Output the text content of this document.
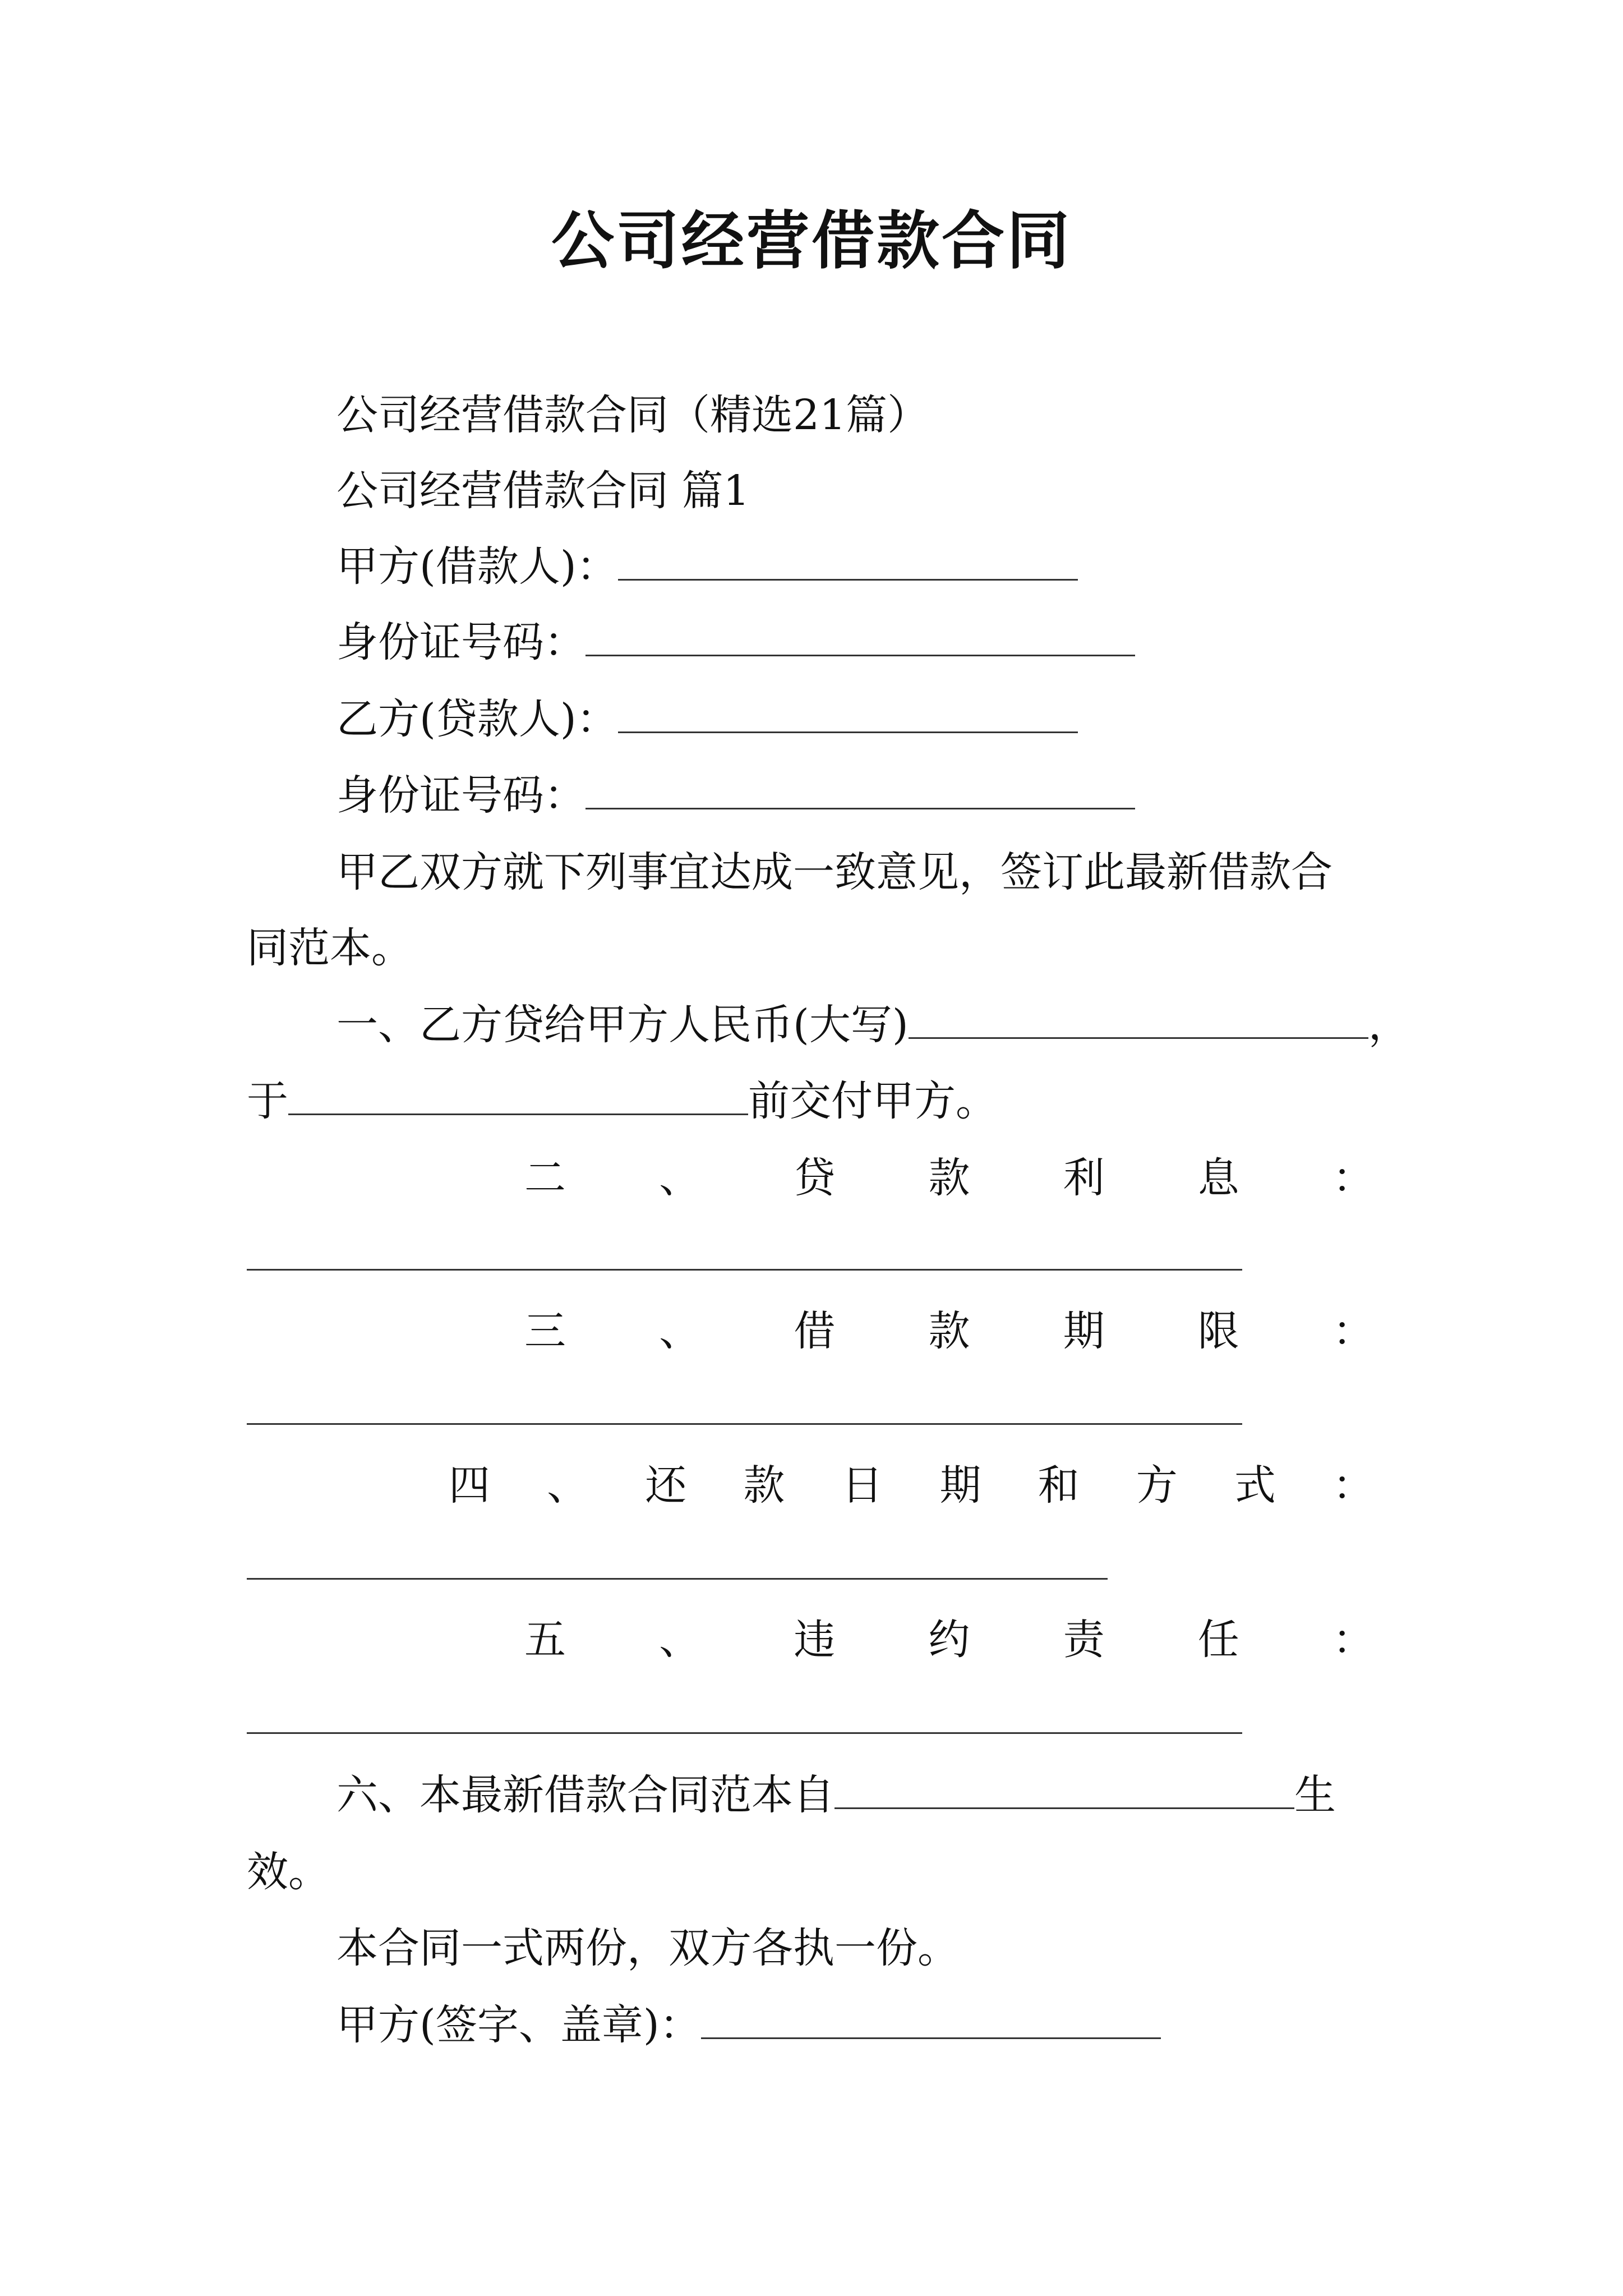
公司经营借款合同
公司经营借款合同（精选21篇）
公司经营借款合同 篇1
甲方(借款人)：
身份证号码：
乙方(贷款人)：
身份证号码：
甲乙双方就下列事宜达成一致意见，签订此最新借款合
同范本。
一、乙方贷给甲方人民币(大写)	，
于	前交付甲方。
二 、 贷 款 利 息 ：
三 、 借 款 期 限 ：
四 、 还 款 日 期 和 方 式 ：
五 、 违 约 责 任 ：
六、本最新借款合同范本自	生
效。
本合同一式两份，双方各执一份。
甲方(签字、盖章)：
